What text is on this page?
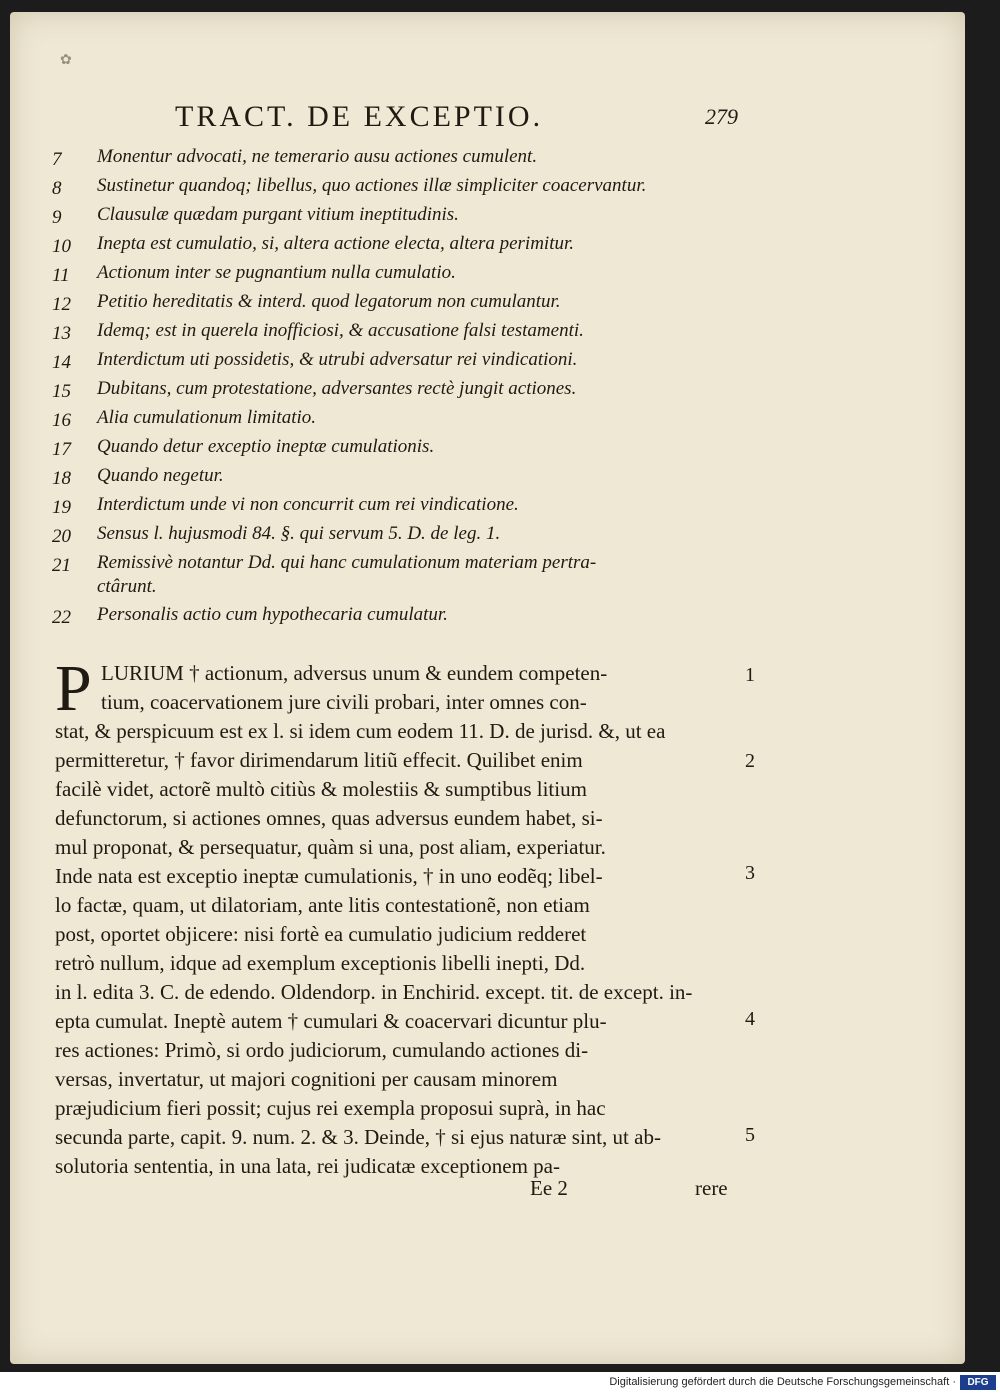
✿
TRACT. DE EXCEPTIO.	279
7	Monentur advocati, ne temerario ausu actiones cumulent.
8	Sustinetur quandoq; libellus, quo actiones illæ simpliciter coacervantur.
9	Clausulæ quædam purgant vitium ineptitudinis.
10	Inepta est cumulatio, si, altera actione electa, altera perimitur.
11	Actionum inter se pugnantium nulla cumulatio.
12	Petitio hereditatis & interd. quod legatorum non cumulantur.
13	Idemq; est in querela inofficiosi, & accusatione falsi testamenti.
14	Interdictum uti possidetis, & utrubi adversatur rei vindicationi.
15	Dubitans, cum protestatione, adversantes rectè jungit actiones.
16	Alia cumulationum limitatio.
17	Quando detur exceptio ineptæ cumulationis.
18	Quando negetur.
19	Interdictum unde vi non concurrit cum rei vindicatione.
20	Sensus l. hujusmodi 84. §. qui servum 5. D. de leg. 1.
21	Remissivè notantur Dd. qui hanc cumulationum materiam pertra-
ctârunt.
22	Personalis actio cum hypothecaria cumulatur.
P LURIUM † actionum, adversus unum & eundem competen-
tium, coacervationem jure civili probari, inter omnes con-
stat, & perspicuum est ex l. si idem cum eodem 11. D. de jurisd. &, ut ea
permitteretur, † favor dirimendarum litiũ effecit. Quilibet enim
facilè videt, actorẽ multò citiùs & molestiis & sumptibus litium
defunctorum, si actiones omnes, quas adversus eundem habet, si-
mul proponat, & persequatur, quàm si una, post aliam, experiatur.
Inde nata est exceptio ineptæ cumulationis, † in uno eodẽq; libel-
lo factæ, quam, ut dilatoriam, ante litis contestationẽ, non etiam
post, oportet objicere: nisi fortè ea cumulatio judicium redderet
retrò nullum, idque ad exemplum exceptionis libelli inepti, Dd.
in l. edita 3. C. de edendo. Oldendorp. in Enchirid. except. tit. de except. in-
epta cumulat. Ineptè autem † cumulari & coacervari dicuntur plu-
res actiones: Primò, si ordo judiciorum, cumulando actiones di-
versas, invertatur, ut majori cognitioni per causam minorem
præjudicium fieri possit; cujus rei exempla proposui suprà, in hac
secunda parte, capit. 9. num. 2. & 3. Deinde, † si ejus naturæ sint, ut ab-
solutoria sententia, in una lata, rei judicatæ exceptionem pa-
1
2
3
4
5
Ee 2	rere
Digitalisierung gefördert durch die Deutsche Forschungsgemeinschaft ·	DFG
